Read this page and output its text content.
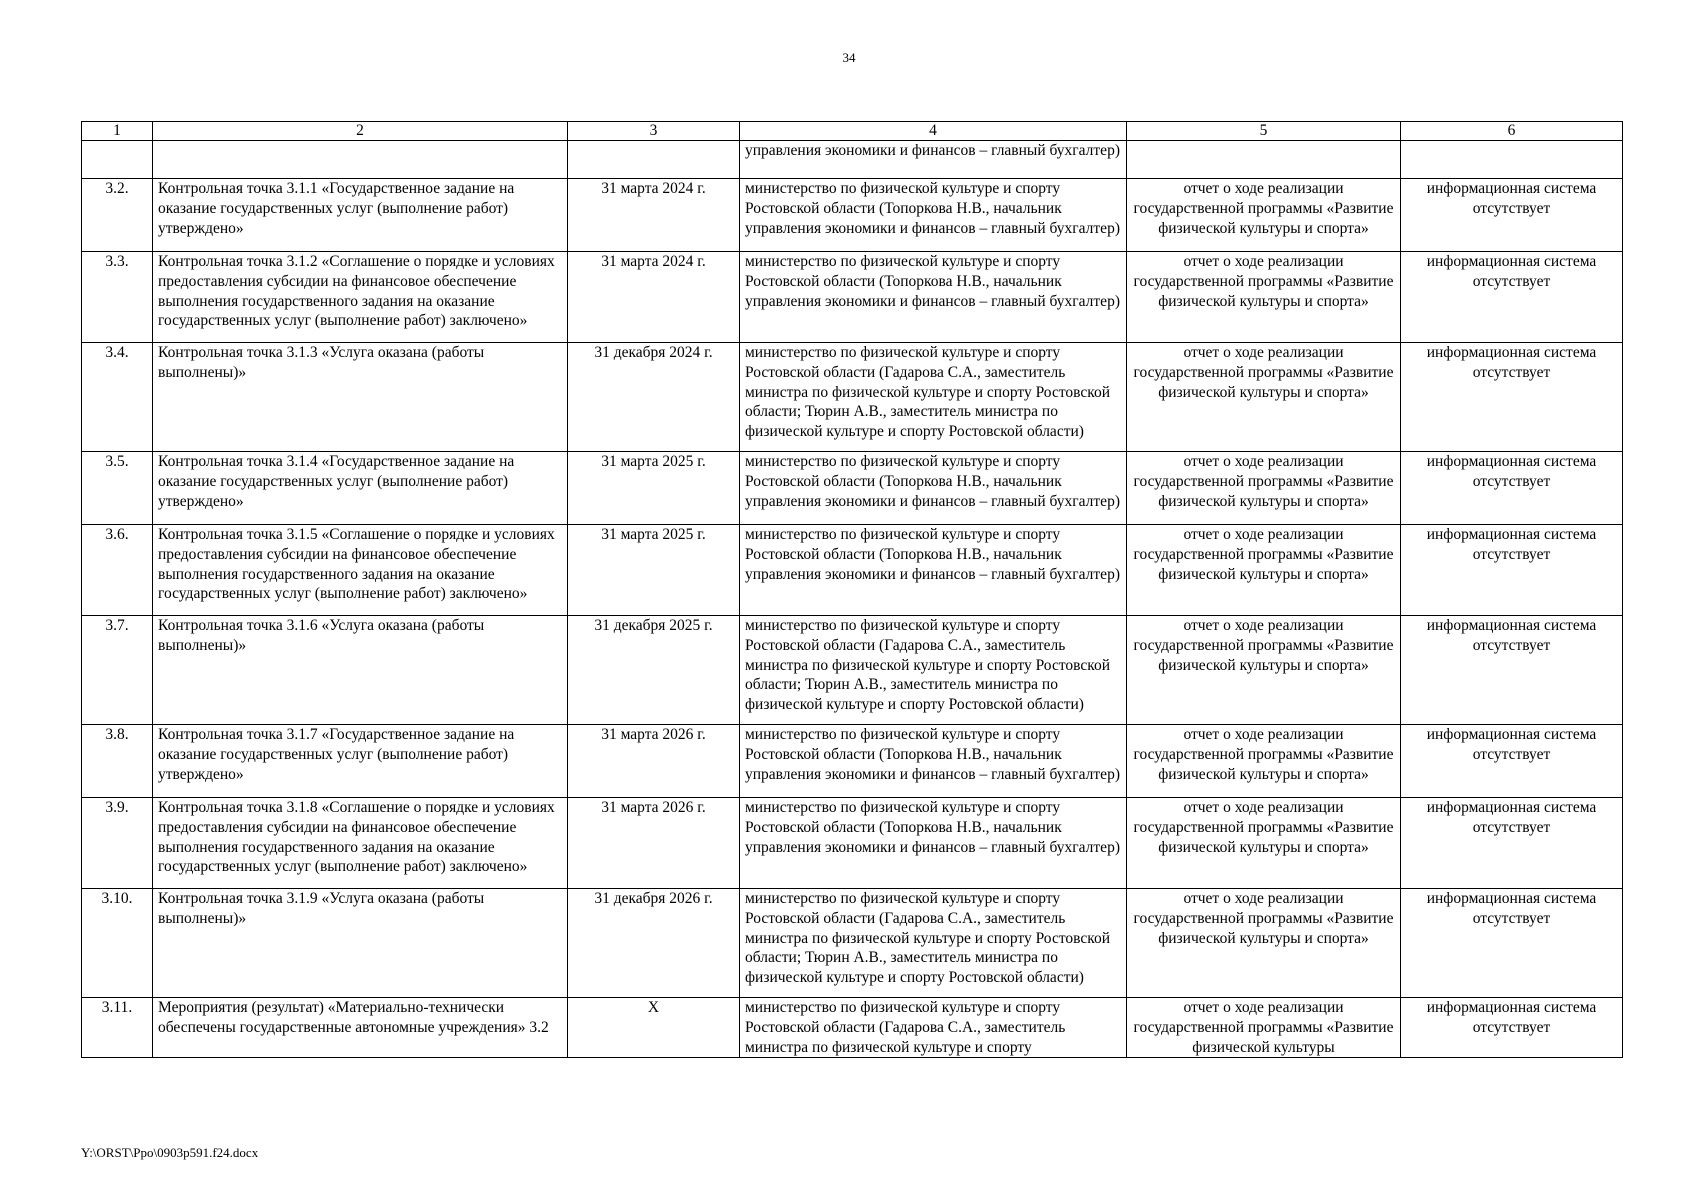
34
1	2	3	4	5	6
			управления экономики и финансов – главный бухгалтер)		
3.2.	Контрольная точка 3.1.1 «Государственное задание на оказание государственных услуг (выполнение работ) утверждено»	31 марта 2024 г.	министерство по физической культуре и спорту Ростовской области (Топоркова Н.В., начальник управления экономики и финансов – главный бухгалтер)	отчет о ходе реализации государственной программы «Развитие физической культуры и спорта»	информационная система отсутствует
3.3.	Контрольная точка 3.1.2 «Соглашение о порядке и условиях предоставления субсидии на финансовое обеспечение выполнения государственного задания на оказание государственных услуг (выполнение работ) заключено»	31 марта 2024 г.	министерство по физической культуре и спорту Ростовской области (Топоркова Н.В., начальник управления экономики и финансов – главный бухгалтер)	отчет о ходе реализации государственной программы «Развитие физической культуры и спорта»	информационная система отсутствует
3.4.	Контрольная точка 3.1.3 «Услуга оказана (работы выполнены)»	31 декабря 2024 г.	министерство по физической культуре и спорту Ростовской области (Гадарова С.А., заместитель министра по физической культуре и спорту Ростовской области; Тюрин А.В., заместитель министра по физической культуре и спорту Ростовской области)	отчет о ходе реализации государственной программы «Развитие физической культуры и спорта»	информационная система отсутствует
3.5.	Контрольная точка 3.1.4 «Государственное задание на оказание государственных услуг (выполнение работ) утверждено»	31 марта 2025 г.	министерство по физической культуре и спорту Ростовской области (Топоркова Н.В., начальник управления экономики и финансов – главный бухгалтер)	отчет о ходе реализации государственной программы «Развитие физической культуры и спорта»	информационная система отсутствует
3.6.	Контрольная точка 3.1.5 «Соглашение о порядке и условиях предоставления субсидии на финансовое обеспечение выполнения государственного задания на оказание государственных услуг (выполнение работ) заключено»	31 марта 2025 г.	министерство по физической культуре и спорту Ростовской области (Топоркова Н.В., начальник управления экономики и финансов – главный бухгалтер)	отчет о ходе реализации государственной программы «Развитие физической культуры и спорта»	информационная система отсутствует
3.7.	Контрольная точка 3.1.6 «Услуга оказана (работы выполнены)»	31 декабря 2025 г.	министерство по физической культуре и спорту Ростовской области (Гадарова С.А., заместитель министра по физической культуре и спорту Ростовской области; Тюрин А.В., заместитель министра по физической культуре и спорту Ростовской области)	отчет о ходе реализации государственной программы «Развитие физической культуры и спорта»	информационная система отсутствует
3.8.	Контрольная точка 3.1.7 «Государственное задание на оказание государственных услуг (выполнение работ) утверждено»	31 марта 2026 г.	министерство по физической культуре и спорту Ростовской области (Топоркова Н.В., начальник управления экономики и финансов – главный бухгалтер)	отчет о ходе реализации государственной программы «Развитие физической культуры и спорта»	информационная система отсутствует
3.9.	Контрольная точка 3.1.8 «Соглашение о порядке и условиях предоставления субсидии на финансовое обеспечение выполнения государственного задания на оказание государственных услуг (выполнение работ) заключено»	31 марта 2026 г.	министерство по физической культуре и спорту Ростовской области (Топоркова Н.В., начальник управления экономики и финансов – главный бухгалтер)	отчет о ходе реализации государственной программы «Развитие физической культуры и спорта»	информационная система отсутствует
3.10.	Контрольная точка 3.1.9 «Услуга оказана (работы выполнены)»	31 декабря 2026 г.	министерство по физической культуре и спорту Ростовской области (Гадарова С.А., заместитель министра по физической культуре и спорту Ростовской области; Тюрин А.В., заместитель министра по физической культуре и спорту Ростовской области)	отчет о ходе реализации государственной программы «Развитие физической культуры и спорта»	информационная система отсутствует
3.11.	Мероприятия (результат) «Материально-технически обеспечены государственные автономные учреждения» 3.2	Х	министерство по физической культуре и спорту Ростовской области (Гадарова С.А., заместитель министра по физической культуре и спорту	отчет о ходе реализации государственной программы «Развитие физической культуры	информационная система отсутствует
Y:\ORST\Ppo\0903p591.f24.docx
